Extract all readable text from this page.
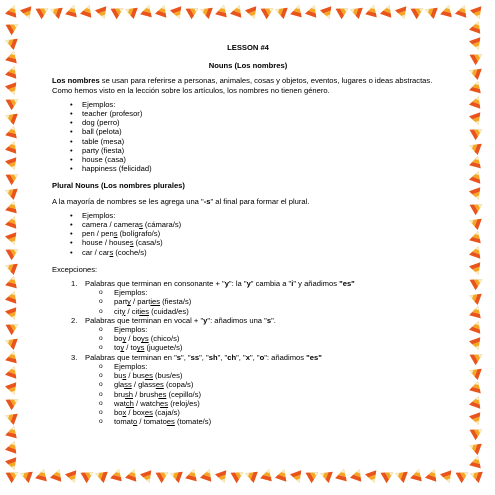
LESSON #4
Nouns (Los nombres)

Los nombres se usan para referirse a personas, animales, cosas y objetos, eventos, lugares o ideas abstractas. Como hemos visto en la lección sobre los artículos, los nombres no tienen género.

• Ejemplos:
• teacher (profesor)
• dog (perro)
• ball (pelota)
• table (mesa)
• party (fiesta)
• house (casa)
• happiness (felicidad)
Plural Nouns (Los nombres plurales)

A la mayoría de nombres se les agrega una "-s" al final para formar el plural.

• Ejemplos:
• camera / cameras (cámara/s)
• pen / pens (bolígrafo/s)
• house / houses (casa/s)
• car / cars (coche/s)

Excepciones:

1. Palabras que terminan en consonante + "y": la "y" cambia a "i" y añadimos "es"
o Ejemplos:
o party / parties (fiesta/s)
o city / cities (cuidad/es)
2. Palabras que terminan en vocal + "y": añadimos una "s".
o Ejemplos:
o boy / boys (chico/s)
o toy / toys (juguete/s)
3. Palabras que terminan en "s", "ss", "sh", "ch", "x", "o": añadimos "es"
o Ejemplos:
o bus / buses (bus/es)
o glass / glasses (copa/s)
o brush / brushes (cepillo/s)
o watch / watches (reloj/es)
o box / boxes (caja/s)
o tomato / tomatoes (tomate/s)
